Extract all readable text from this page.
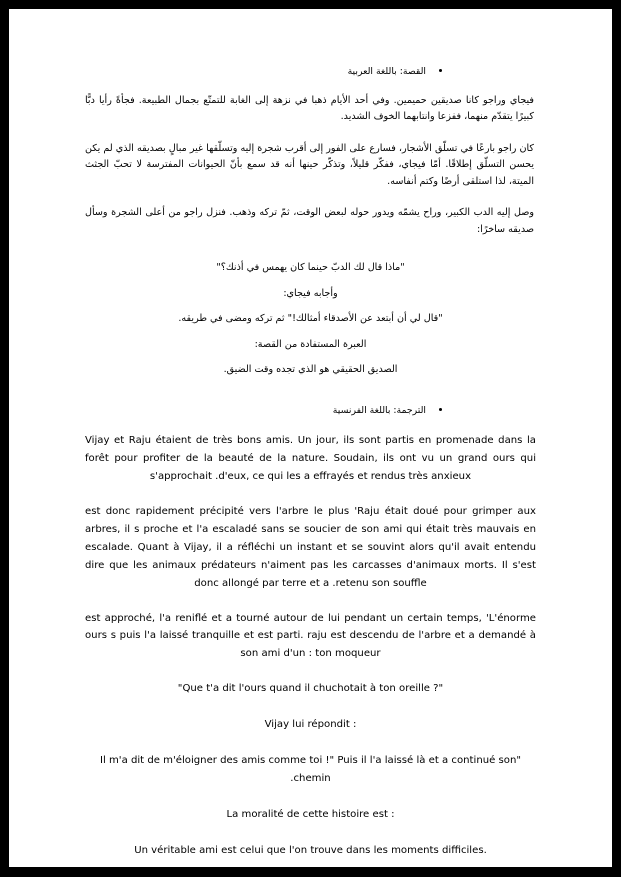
القصة: باللغة العربية

فيجاي وراجو كانا صديقين حميمين. وفي أحد الأيام ذهبا في نزهة إلى الغابة للتمتّع بجمال الطبيعة. فجأةً رأيا دبًّا كبيرًا يتقدّم منهما، ففزعا وانتابهما الخوف الشديد.

كان راجو بارعًا في تسلّق الأشجار، فسارع على الفور إلى أقرب شجرة إليه وتسلّقها غير مبالٍ بصديقه الذي لم يكن يحسن التسلّق إطلاقًا. أمّا فيجاي، ففكّر قليلاً، وتذكّر حينها أنه قد سمع بأنّ الحيوانات المفترسة لا تحبّ الجثث الميتة، لذا استلقى أرضًا وكتم أنفاسه.

وصل إليه الدب الكبير، وراح يشمّه ويدور حوله لبعض الوقت، ثمّ تركه وذهب. فنزل راجو من أعلى الشجرة وسأل صديقه ساخرًا:

"ماذا قال لك الدبّ حينما كان يهمس في أذنك؟"

وأجابه فيجاي:

"قال لي أن أبتعد عن الأصدقاء أمثالك!" ثم تركه ومضى في طريقه.

العبرة المستفادة من القصة:

الصديق الحقيقي هو الذي تجده وقت الضيق.

الترجمة: باللغة الفرنسية

Vijay et Raju étaient de très bons amis. Un jour, ils sont partis en promenade dans la forêt pour profiter de la beauté de la nature. Soudain, ils ont vu un grand ours qui s'approchait .d'eux, ce qui les a effrayés et rendus très anxieux

est donc rapidement précipité vers l'arbre le plus 'Raju était doué pour grimper aux arbres, il s proche et l'a escaladé sans se soucier de son ami qui était très mauvais en escalade. Quant à Vijay, il a réfléchi un instant et se souvint alors qu'il avait entendu dire que les animaux prédateurs n'aiment pas les carcasses d'animaux morts. Il s'est donc allongé par terre et a .retenu son souffle

est approché, l'a reniflé et a tourné autour de lui pendant un certain temps, 'L'énorme ours s puis l'a laissé tranquille et est parti. raju est descendu de l'arbre et a demandé à son ami d'un : ton moqueur

"? Que t'a dit l'ours quand il chuchotait à ton oreille"

: Vijay lui répondit

"Il m'a dit de m'éloigner des amis comme toi !" Puis il l'a laissé là et a continué son chemin.

: La moralité de cette histoire est

.Un véritable ami est celui que l'on trouve dans les moments difficiles
